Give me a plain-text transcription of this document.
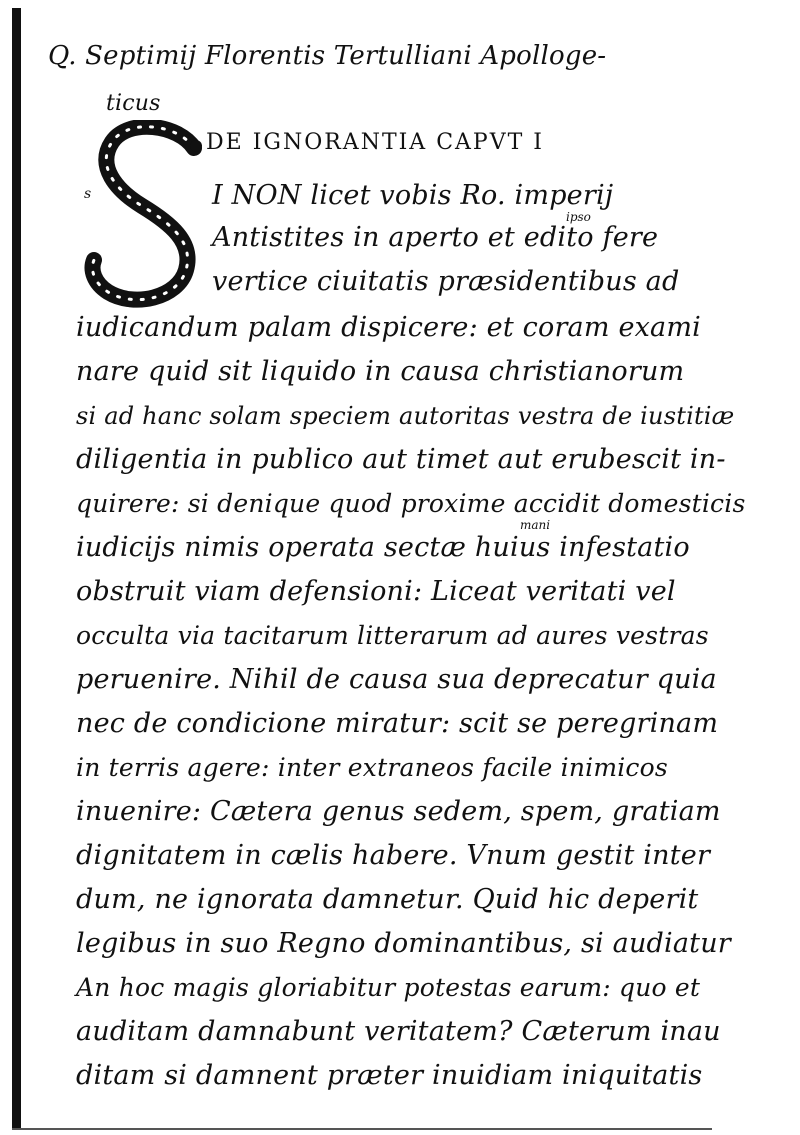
Q. Septimij Florentis Tertulliani Apolloge-
ticus
DE IGNORANTIA CAPVT I
s	I NON licet vobis Ro. imperij
ipso
mani
Antistites in aperto et edito fere
vertice ciuitatis præsidentibus ad
iudicandum palam dispicere: et coram exami
nare quid sit liquido in causa christianorum
si ad hanc solam speciem autoritas vestra de iustitiæ
diligentia in publico aut timet aut erubescit in-
quirere: si denique quod proxime accidit domesticis
iudicijs nimis operata sectæ huius infestatio
obstruit viam defensioni: Liceat veritati vel
occulta via tacitarum litterarum ad aures vestras
peruenire. Nihil de causa sua deprecatur quia
nec de condicione miratur: scit se peregrinam
in terris agere: inter extraneos facile inimicos
inuenire: Cætera genus sedem, spem, gratiam
dignitatem in cælis habere. Vnum gestit inter
dum, ne ignorata damnetur. Quid hic deperit
legibus in suo Regno dominantibus, si audiatur
An hoc magis gloriabitur potestas earum: quo et
auditam damnabunt veritatem? Cæterum inau
ditam si damnent præter inuidiam iniquitatis
